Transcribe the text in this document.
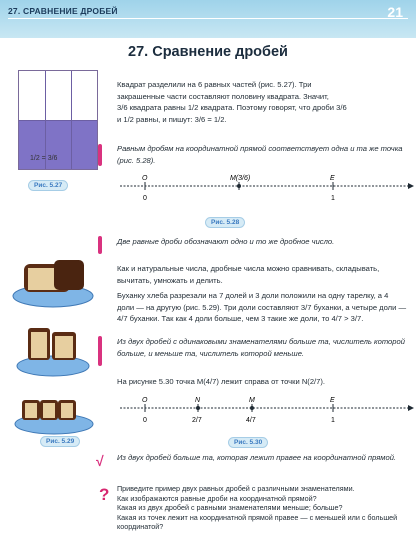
27. СРАВНЕНИЕ ДРОБЕЙ	21
27. Сравнение дробей
1/2 = 3/6
Рис. 5.27
Квадрат разделили на 6 равных частей (рис. 5.27). Три
закрашенные части составляют половину квадрата. Значит,
3/6 квадрата равны 1/2 квадрата. Поэтому говорят, что дроби 3/6
и 1/2 равны, и пишут: 3/6 = 1/2.
Равным дробям на координатной прямой соответствует одна и та же точка (рис. 5.28).
O	M(3/6)	E
0	1
Рис. 5.28
Две равные дроби обозначают одно и то же дробное число.
Как и натуральные числа, дробные числа можно сравнивать, складывать, вычитать, умножать и делить.
Буханку хлеба разрезали на 7 долей и 3 доли положили на одну тарелку, а 4 доли — на другую (рис. 5.29). Три доли составляют 3/7 буханки, а четыре доли — 4/7 буханки. Так как 4 доли больше, чем 3 такие же доли, то 4/7 > 3/7.
Из двух дробей с одинаковыми знаменателями больше та, числитель которой больше, и меньше та, числитель которой меньше.
На рисунке 5.30 точка M(4/7) лежит справа от точки N(2/7).
O	N	M	E
0	2/7	4/7	1
Рис. 5.30
Рис. 5.29
√ Из двух дробей больше та, которая лежит правее на координатной прямой.
? Приведите пример двух равных дробей с различными знаменателями.
Как изображаются равные дроби на координатной прямой?
Какая из двух дробей с равными знаменателями меньше; больше?
Какая из точек лежит на координатной прямой правее — с меньшей или с большей координатой?
